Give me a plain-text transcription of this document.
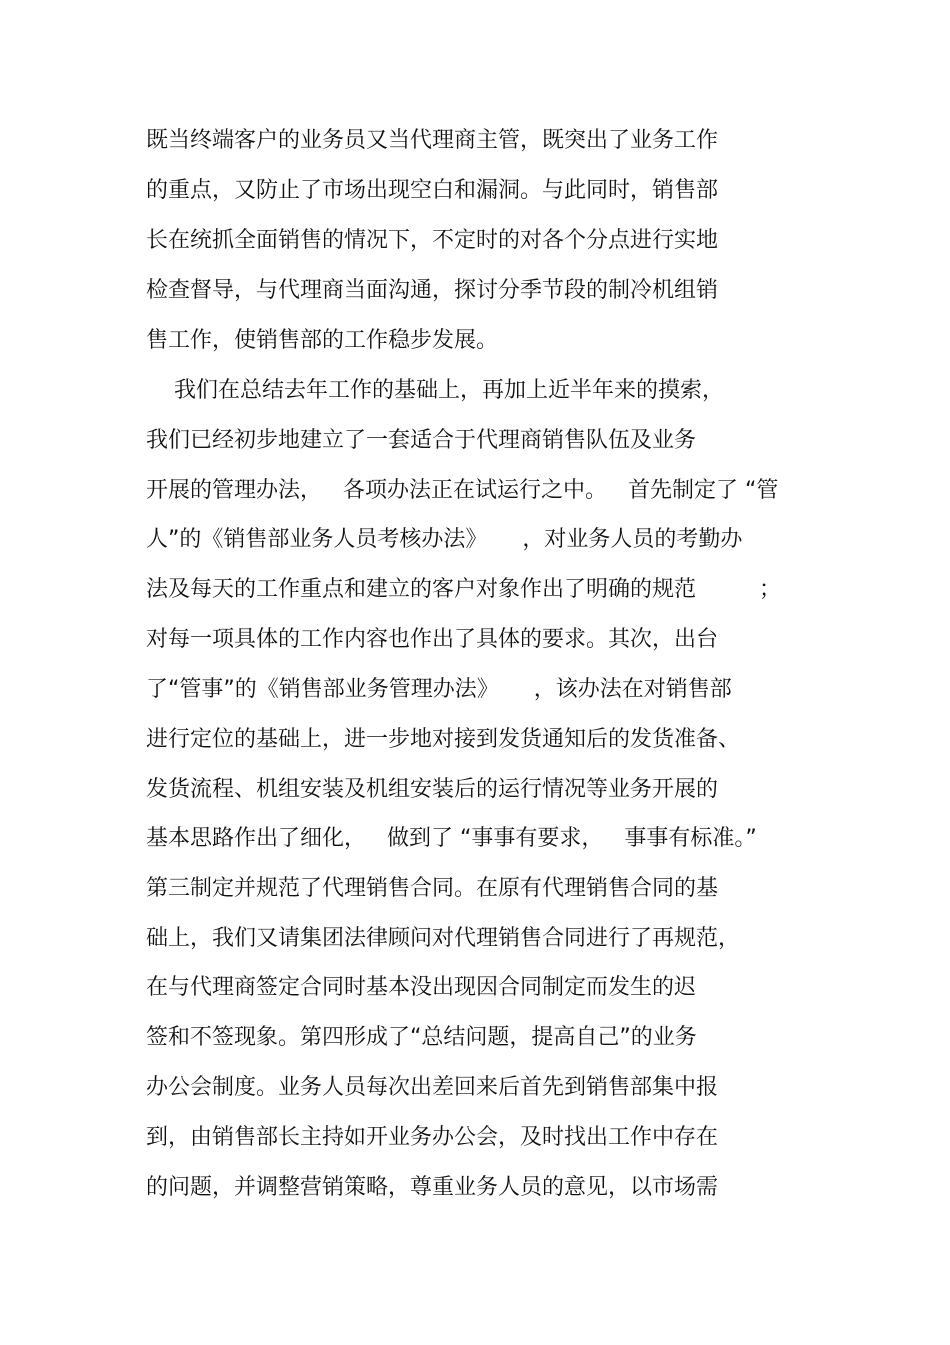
既当终端客户的业务员又当代理商主管，既突出了业务工作
的重点，又防止了市场出现空白和漏洞。与此同时，销售部
长在统抓全面销售的情况下，不定时的对各个分点进行实地
检查督导，与代理商当面沟通，探讨分季节段的制冷机组销
售工作，使销售部的工作稳步发展。
我们在总结去年工作的基础上，再加上近半年来的摸索，
我们已经初步地建立了一套适合于代理商销售队伍及业务
开展的管理办法，   各项办法正在试运行之中。   首先制定了 “管
人”的《销售部业务人员考核办法》     ，对业务人员的考勤办
法及每天的工作重点和建立的客户对象作出了明确的规范         ；
对每一项具体的工作内容也作出了具体的要求。其次，出台
了“管事”的《销售部业务管理办法》     ，该办法在对销售部
进行定位的基础上，进一步地对接到发货通知后的发货准备、
发货流程、机组安装及机组安装后的运行情况等业务开展的
基本思路作出了细化，   做到了 “事事有要求，   事事有标准。”
第三制定并规范了代理销售合同。在原有代理销售合同的基
础上，我们又请集团法律顾问对代理销售合同进行了再规范，
在与代理商签定合同时基本没出现因合同制定而发生的迟
签和不签现象。第四形成了“总结问题，提高自己”的业务
办公会制度。业务人员每次出差回来后首先到销售部集中报
到，由销售部长主持如开业务办公会，及时找出工作中存在
的问题，并调整营销策略，尊重业务人员的意见，以市场需
